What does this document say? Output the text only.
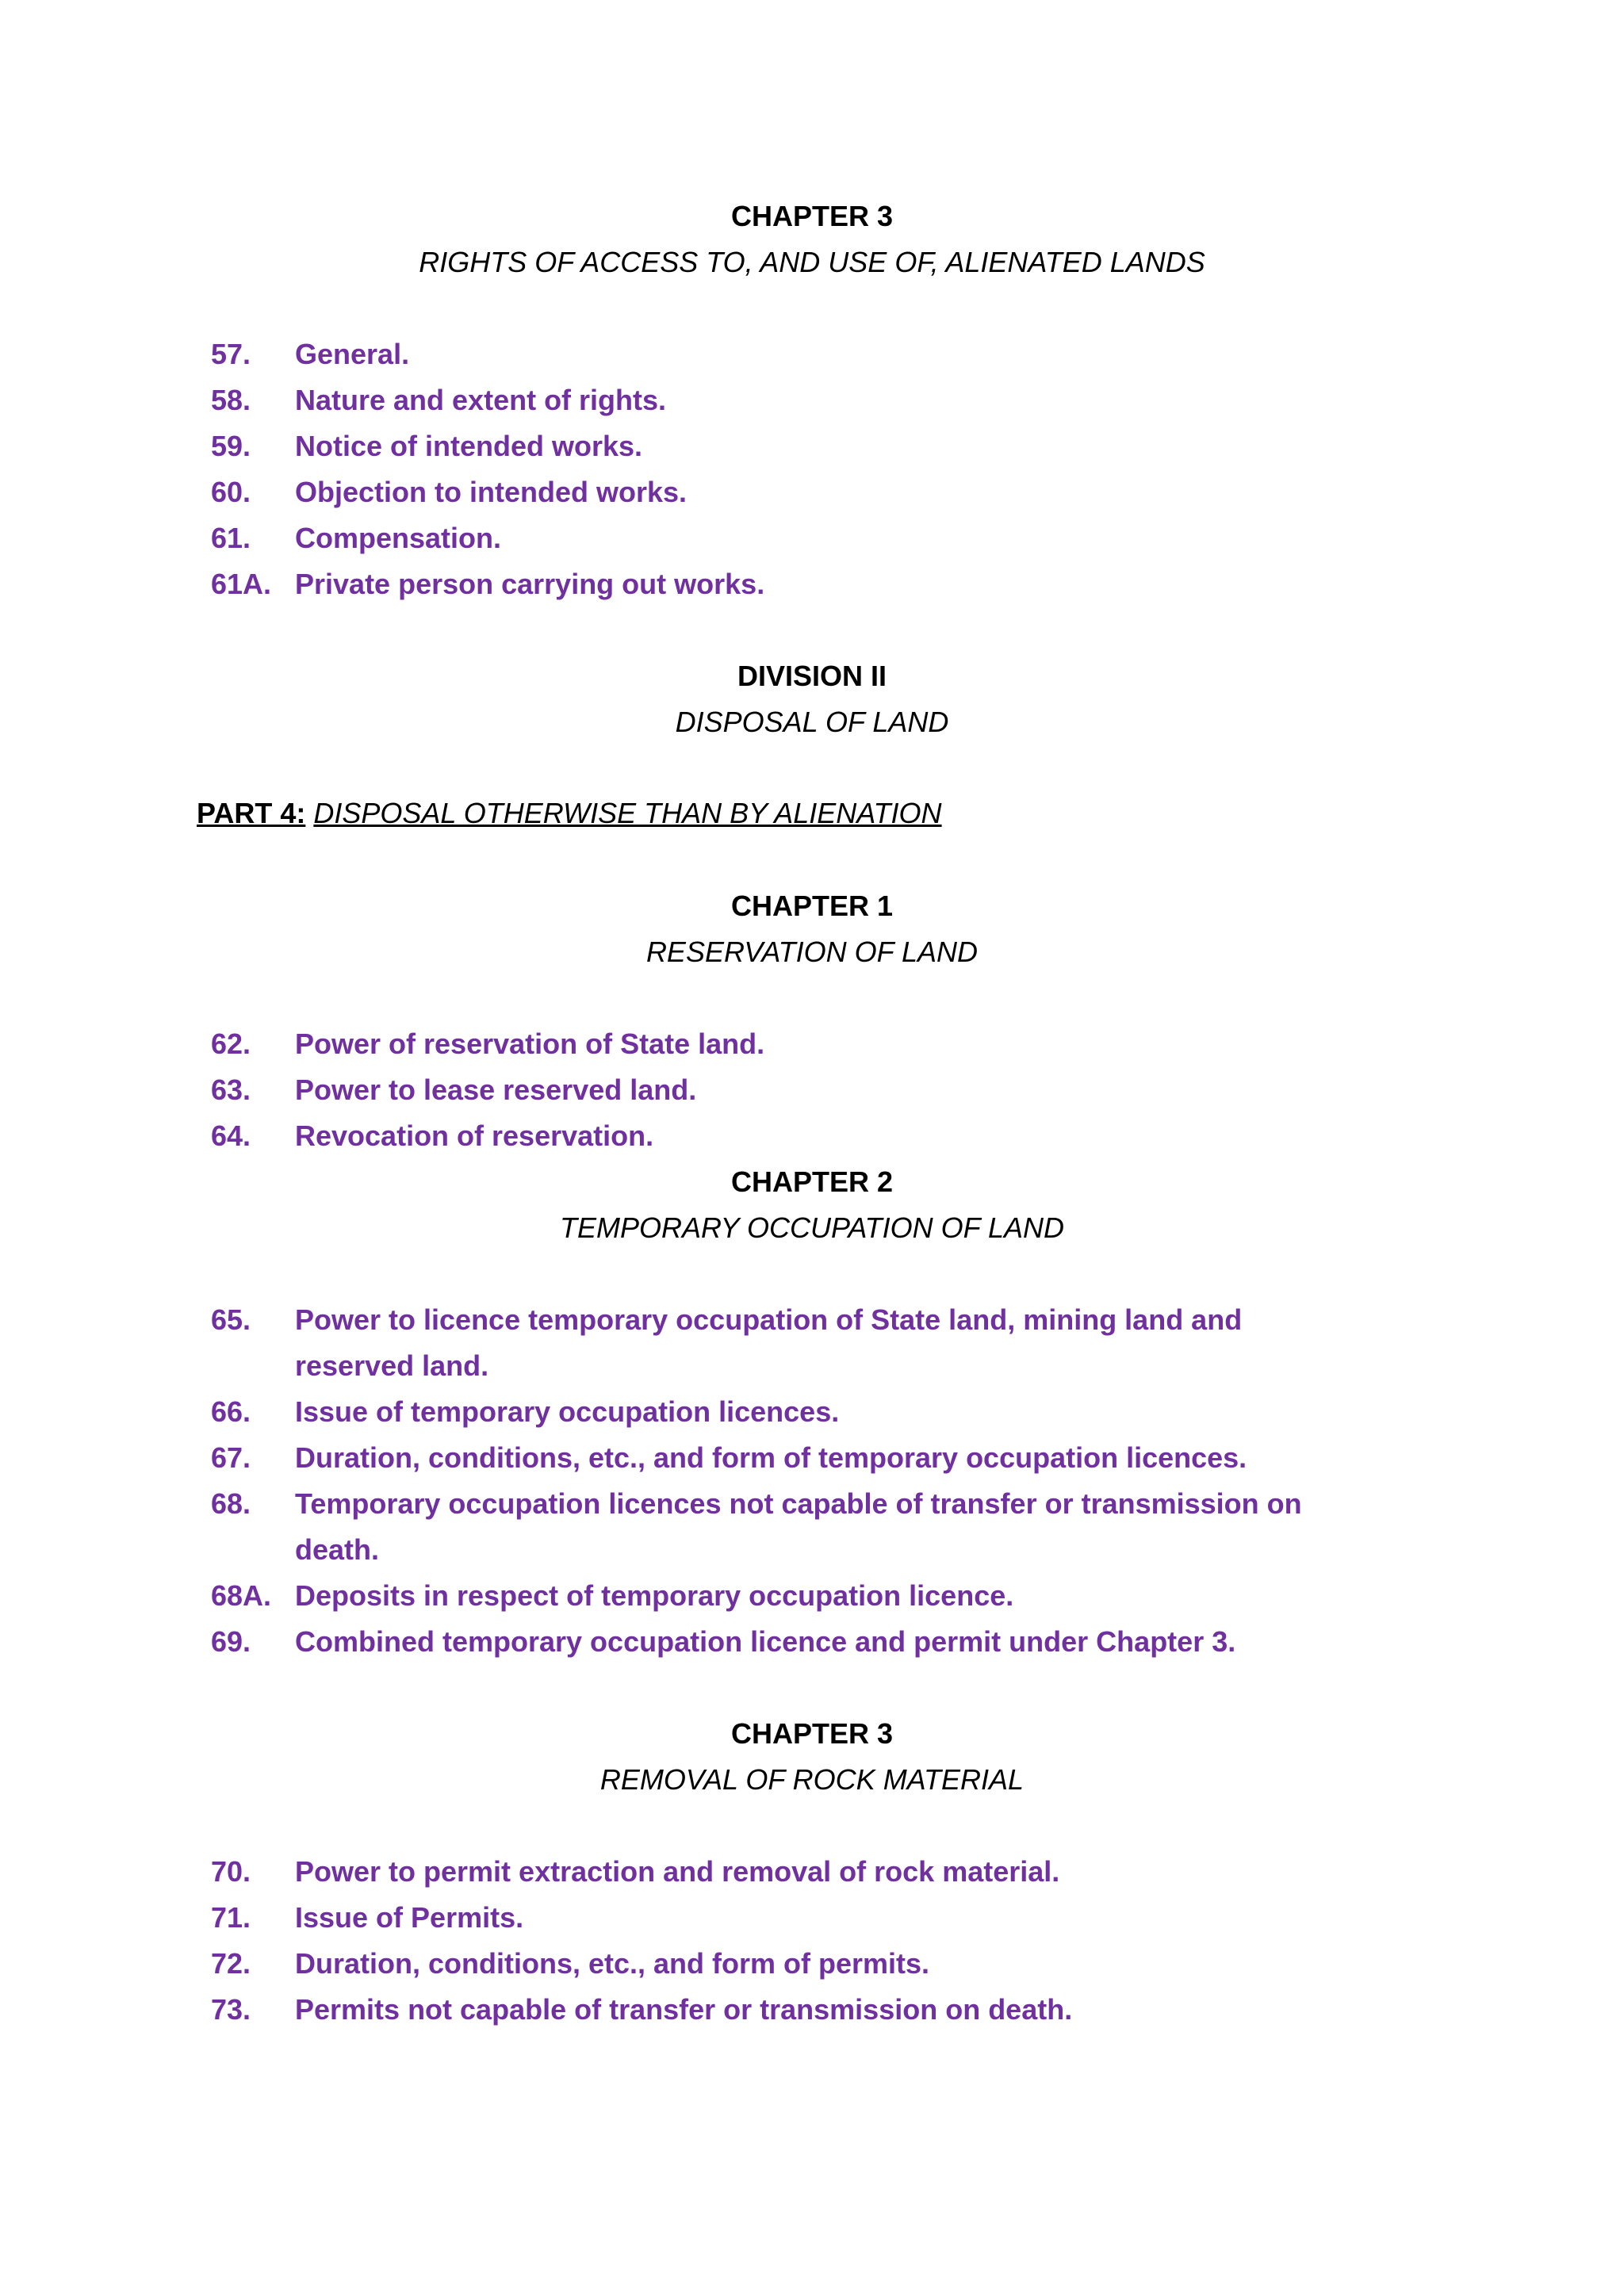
CHAPTER 3
RIGHTS OF ACCESS TO, AND USE OF, ALIENATED LANDS
57.	General.
58.	Nature and extent of rights.
59.	Notice of intended works.
60.	Objection to intended works.
61.	Compensation.
61A. Private person carrying out works.
DIVISION II
DISPOSAL OF LAND
PART 4: DISPOSAL OTHERWISE THAN BY ALIENATION
CHAPTER 1
RESERVATION OF LAND
62.	Power of reservation of State land.
63.	Power to lease reserved land.
64.	Revocation of reservation.
CHAPTER 2
TEMPORARY OCCUPATION OF LAND
65.	Power to licence temporary occupation of State land, mining land and reserved land.
66.	Issue of temporary occupation licences.
67.	Duration, conditions, etc., and form of temporary occupation licences.
68.	Temporary occupation licences not capable of transfer or transmission on death.
68A. Deposits in respect of temporary occupation licence.
69.	Combined temporary occupation licence and permit under Chapter 3.
CHAPTER 3
REMOVAL OF ROCK MATERIAL
70.	Power to permit extraction and removal of rock material.
71.	Issue of Permits.
72.	Duration, conditions, etc., and form of permits.
73.	Permits not capable of transfer or transmission on death.
